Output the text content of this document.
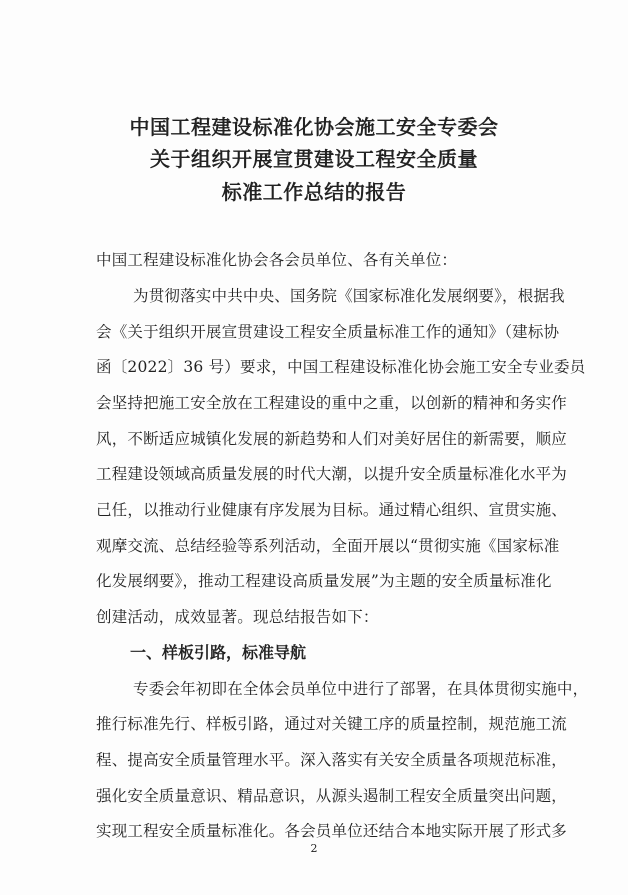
中国工程建设标准化协会施工安全专委会
关于组织开展宣贯建设工程安全质量
标准工作总结的报告
中国工程建设标准化协会各会员单位、各有关单位：
为贯彻落实中共中央、国务院《国家标准化发展纲要》，根据我
会《关于组织开展宣贯建设工程安全质量标准工作的通知》（建标协
函〔2022〕36 号）要求，中国工程建设标准化协会施工安全专业委员
会坚持把施工安全放在工程建设的重中之重，以创新的精神和务实作
风，不断适应城镇化发展的新趋势和人们对美好居住的新需要，顺应
工程建设领域高质量发展的时代大潮，以提升安全质量标准化水平为
己任，以推动行业健康有序发展为目标。通过精心组织、宣贯实施、
观摩交流、总结经验等系列活动，全面开展以“贯彻实施《国家标准
化发展纲要》，推动工程建设高质量发展”为主题的安全质量标准化
创建活动，成效显著。现总结报告如下：
一、样板引路，标准导航
专委会年初即在全体会员单位中进行了部署，在具体贯彻实施中，
推行标准先行、样板引路，通过对关键工序的质量控制，规范施工流
程、提高安全质量管理水平。深入落实有关安全质量各项规范标准，
强化安全质量意识、精品意识，从源头遏制工程安全质量突出问题，
实现工程安全质量标准化。各会员单位还结合本地实际开展了形式多
2
